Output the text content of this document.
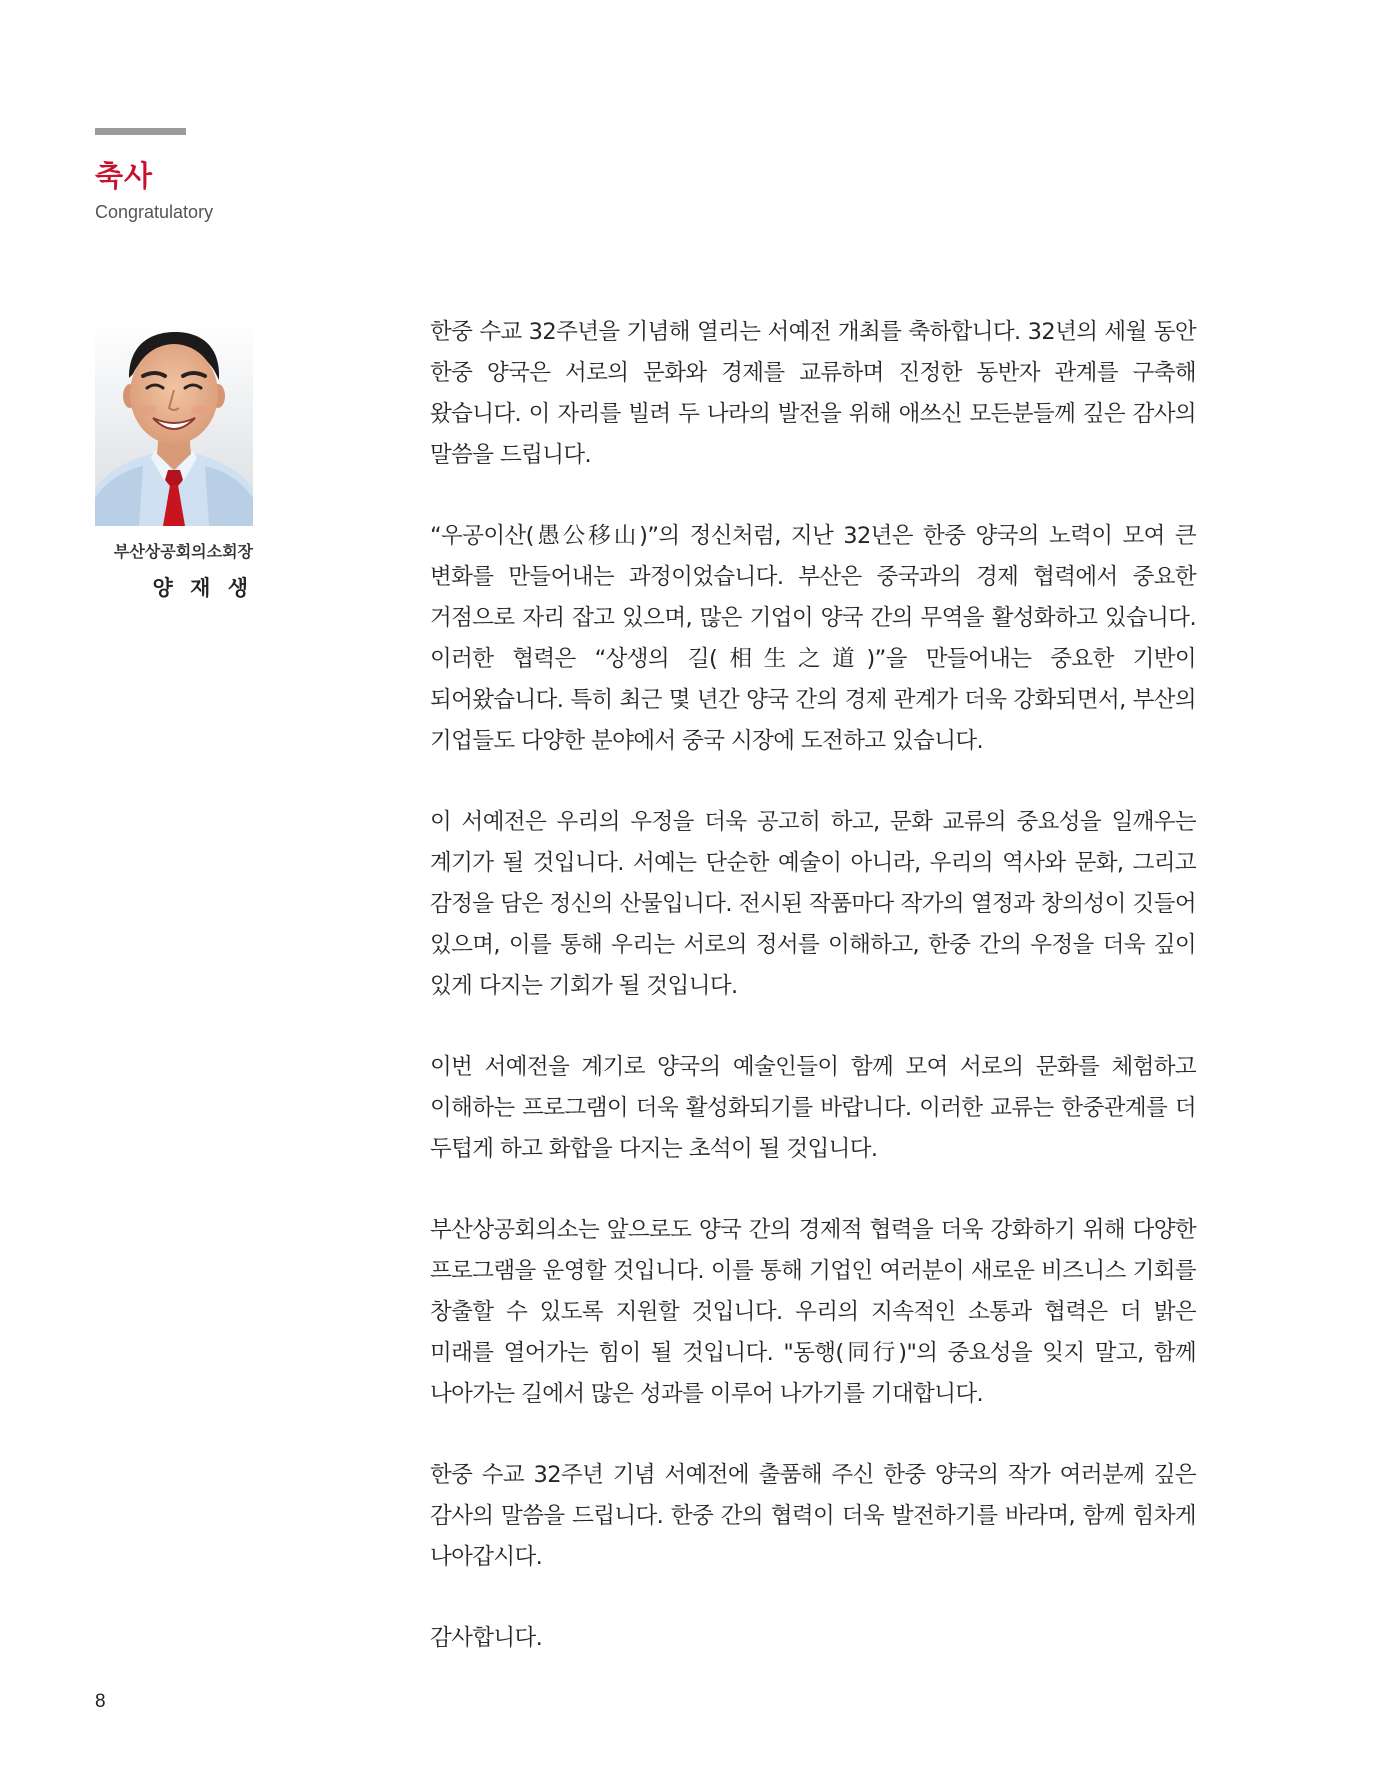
축사
Congratulatory
부산상공회의소회장
양 재 생

한중 수교 32주년을 기념해 열리는 서예전 개최를 축하합니다. 32년의 세월 동안 한중 양국은 서로의 문화와 경제를 교류하며 진정한 동반자 관계를 구축해 왔습니다. 이 자리를 빌려 두 나라의 발전을 위해 애쓰신 모든분들께 깊은 감사의 말씀을 드립니다.

“우공이산(愚公移山)”의 정신처럼, 지난 32년은 한중 양국의 노력이 모여 큰 변화를 만들어내는 과정이었습니다. 부산은 중국과의 경제 협력에서 중요한 거점으로 자리 잡고 있으며, 많은 기업이 양국 간의 무역을 활성화하고 있습니다. 이러한 협력은 “상생의 길(相生之道)”을 만들어내는 중요한 기반이 되어왔습니다. 특히 최근 몇 년간 양국 간의 경제 관계가 더욱 강화되면서, 부산의 기업들도 다양한 분야에서 중국 시장에 도전하고 있습니다.

이 서예전은 우리의 우정을 더욱 공고히 하고, 문화 교류의 중요성을 일깨우는 계기가 될 것입니다. 서예는 단순한 예술이 아니라, 우리의 역사와 문화, 그리고 감정을 담은 정신의 산물입니다. 전시된 작품마다 작가의 열정과 창의성이 깃들어 있으며, 이를 통해 우리는 서로의 정서를 이해하고, 한중 간의 우정을 더욱 깊이 있게 다지는 기회가 될 것입니다.

이번 서예전을 계기로 양국의 예술인들이 함께 모여 서로의 문화를 체험하고 이해하는 프로그램이 더욱 활성화되기를 바랍니다. 이러한 교류는 한중관계를 더 두텁게 하고 화합을 다지는 초석이 될 것입니다.

부산상공회의소는 앞으로도 양국 간의 경제적 협력을 더욱 강화하기 위해 다양한 프로그램을 운영할 것입니다. 이를 통해 기업인 여러분이 새로운 비즈니스 기회를 창출할 수 있도록 지원할 것입니다. 우리의 지속적인 소통과 협력은 더 밝은 미래를 열어가는 힘이 될 것입니다. "동행(同行)"의 중요성을 잊지 말고, 함께 나아가는 길에서 많은 성과를 이루어 나가기를 기대합니다.

한중 수교 32주년 기념 서예전에 출품해 주신 한중 양국의 작가 여러분께 깊은 감사의 말씀을 드립니다. 한중 간의 협력이 더욱 발전하기를 바라며, 함께 힘차게 나아갑시다.

감사합니다.

8
